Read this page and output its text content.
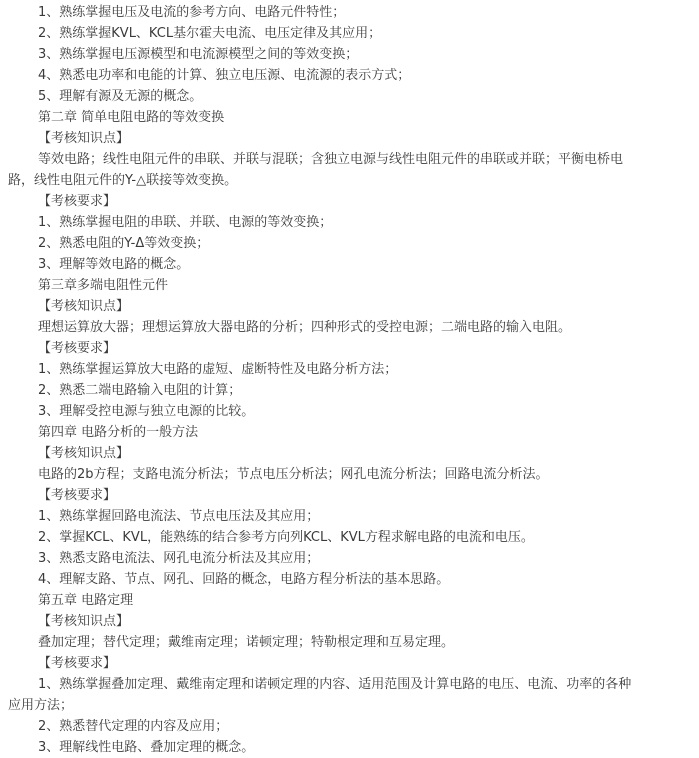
1、熟练掌握电压及电流的参考方向、电路元件特性；
2、熟练掌握KVL、KCL基尔霍夫电流、电压定律及其应用；
3、熟练掌握电压源模型和电流源模型之间的等效变换；
4、熟悉电功率和电能的计算、独立电压源、电流源的表示方式；
5、理解有源及无源的概念。
第二章 简单电阻电路的等效变换
【考核知识点】
等效电路；线性电阻元件的串联、并联与混联；含独立电源与线性电阻元件的串联或并联；平衡电桥电
路，线性电阻元件的Y-△联接等效变换。
【考核要求】
1、熟练掌握电阻的串联、并联、电源的等效变换；
2、熟悉电阻的Y-Δ等效变换；
3、理解等效电路的概念。
第三章多端电阻性元件
【考核知识点】
理想运算放大器；理想运算放大器电路的分析；四种形式的受控电源；二端电路的输入电阻。
【考核要求】
1、熟练掌握运算放大电路的虚短、虚断特性及电路分析方法；
2、熟悉二端电路输入电阻的计算；
3、理解受控电源与独立电源的比较。
第四章 电路分析的一般方法
【考核知识点】
电路的2b方程；支路电流分析法；节点电压分析法；网孔电流分析法；回路电流分析法。
【考核要求】
1、熟练掌握回路电流法、节点电压法及其应用；
2、掌握KCL、KVL，能熟练的结合参考方向列KCL、KVL方程求解电路的电流和电压。
3、熟悉支路电流法、网孔电流分析法及其应用；
4、理解支路、节点、网孔、回路的概念，电路方程分析法的基本思路。
第五章 电路定理
【考核知识点】
叠加定理；替代定理；戴维南定理；诺顿定理；特勒根定理和互易定理。
【考核要求】
1、熟练掌握叠加定理、戴维南定理和诺顿定理的内容、适用范围及计算电路的电压、电流、功率的各种
应用方法；
2、熟悉替代定理的内容及应用；
3、理解线性电路、叠加定理的概念。
